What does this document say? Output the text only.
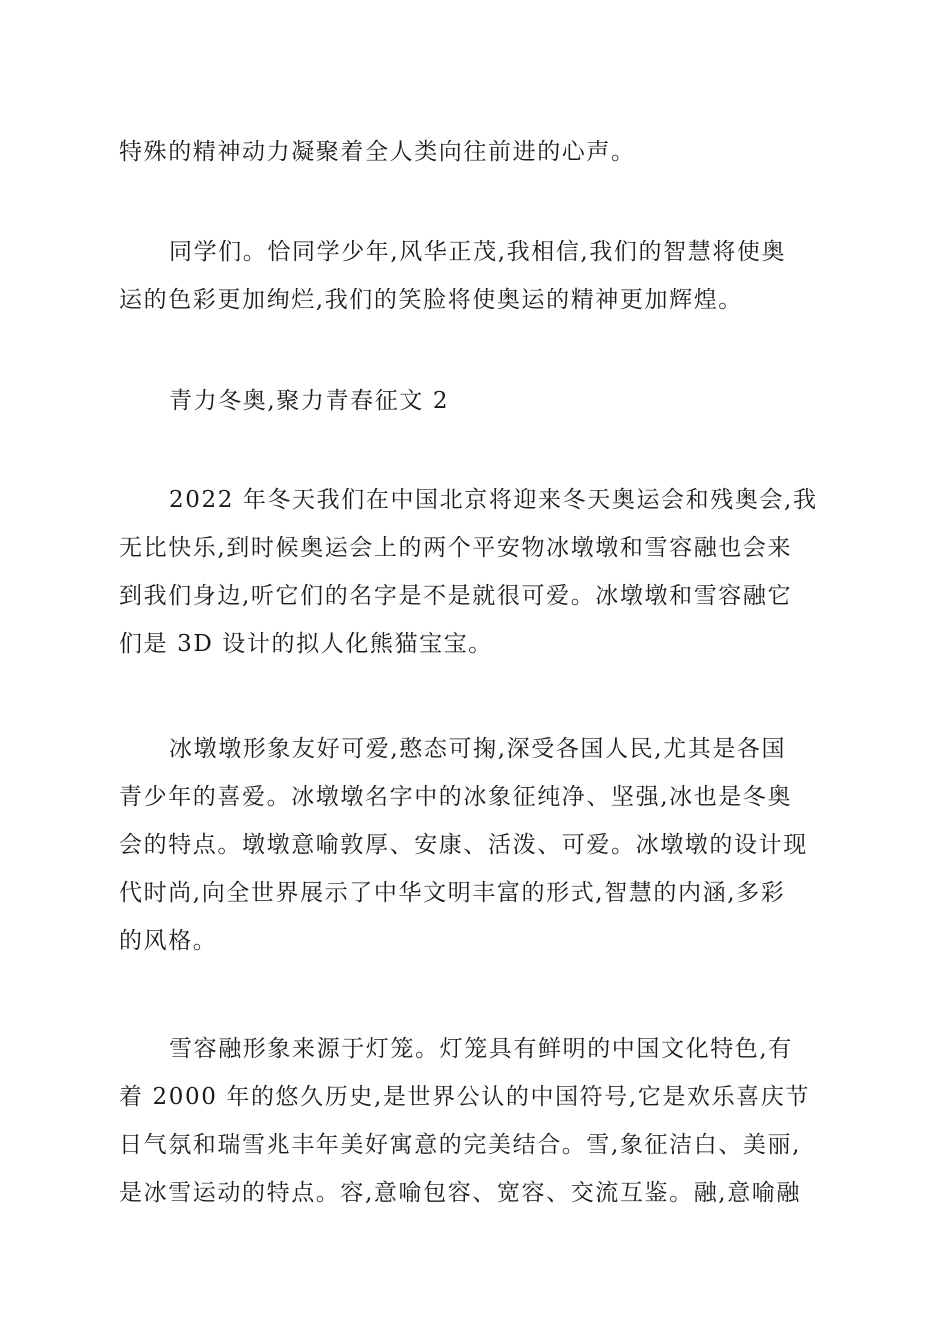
特殊的精神动力凝聚着全人类向往前进的心声。
同学们。恰同学少年,风华正茂,我相信,我们的智慧将使奥
运的色彩更加绚烂,我们的笑脸将使奥运的精神更加辉煌。
青力冬奥,聚力青春征文 2
2022 年冬天我们在中国北京将迎来冬天奥运会和残奥会,我
无比快乐,到时候奥运会上的两个平安物冰墩墩和雪容融也会来
到我们身边,听它们的名字是不是就很可爱。冰墩墩和雪容融它
们是 3D 设计的拟人化熊猫宝宝。
冰墩墩形象友好可爱,憨态可掬,深受各国人民,尤其是各国
青少年的喜爱。冰墩墩名字中的冰象征纯净、坚强,冰也是冬奥
会的特点。墩墩意喻敦厚、安康、活泼、可爱。冰墩墩的设计现
代时尚,向全世界展示了中华文明丰富的形式,智慧的内涵,多彩
的风格。
雪容融形象来源于灯笼。灯笼具有鲜明的中国文化特色,有
着 2000 年的悠久历史,是世界公认的中国符号,它是欢乐喜庆节
日气氛和瑞雪兆丰年美好寓意的完美结合。雪,象征洁白、美丽,
是冰雪运动的特点。容,意喻包容、宽容、交流互鉴。融,意喻融
